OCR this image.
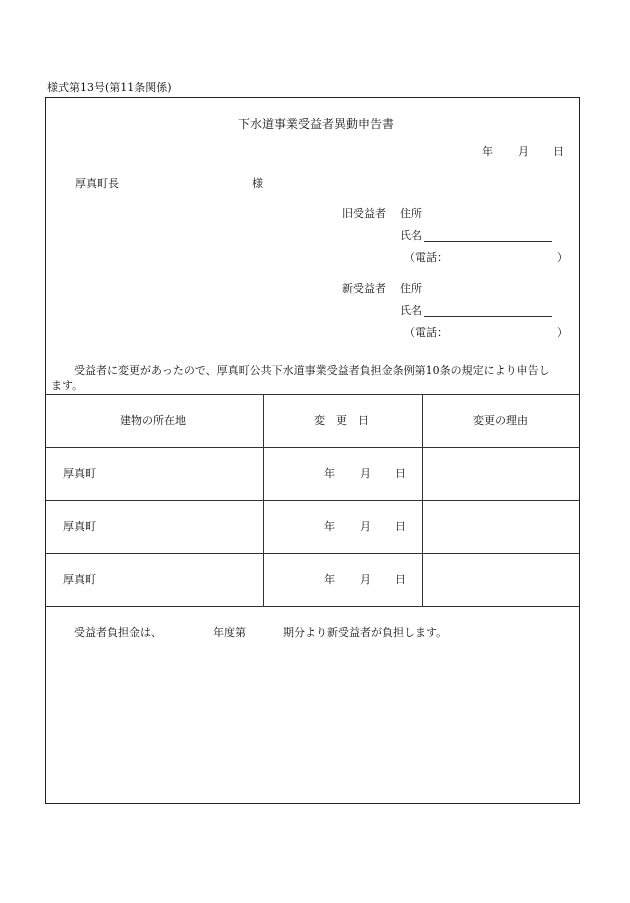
様式第13号(第11条関係)
下水道事業受益者異動申告書
年 月 日
厚真町長	様
旧受益者 住所
氏名
（電話：	）
新受益者 住所
氏名
（電話：	）
受益者に変更があったので、厚真町公共下水道事業受益者負担金条例第10条の規定により申告し
ます。
建物の所在地	変　更　日	変更の理由
厚真町	年 月 日
厚真町	年 月 日
厚真町	年 月 日
受益者負担金は、	年度第	期分より新受益者が負担します。
